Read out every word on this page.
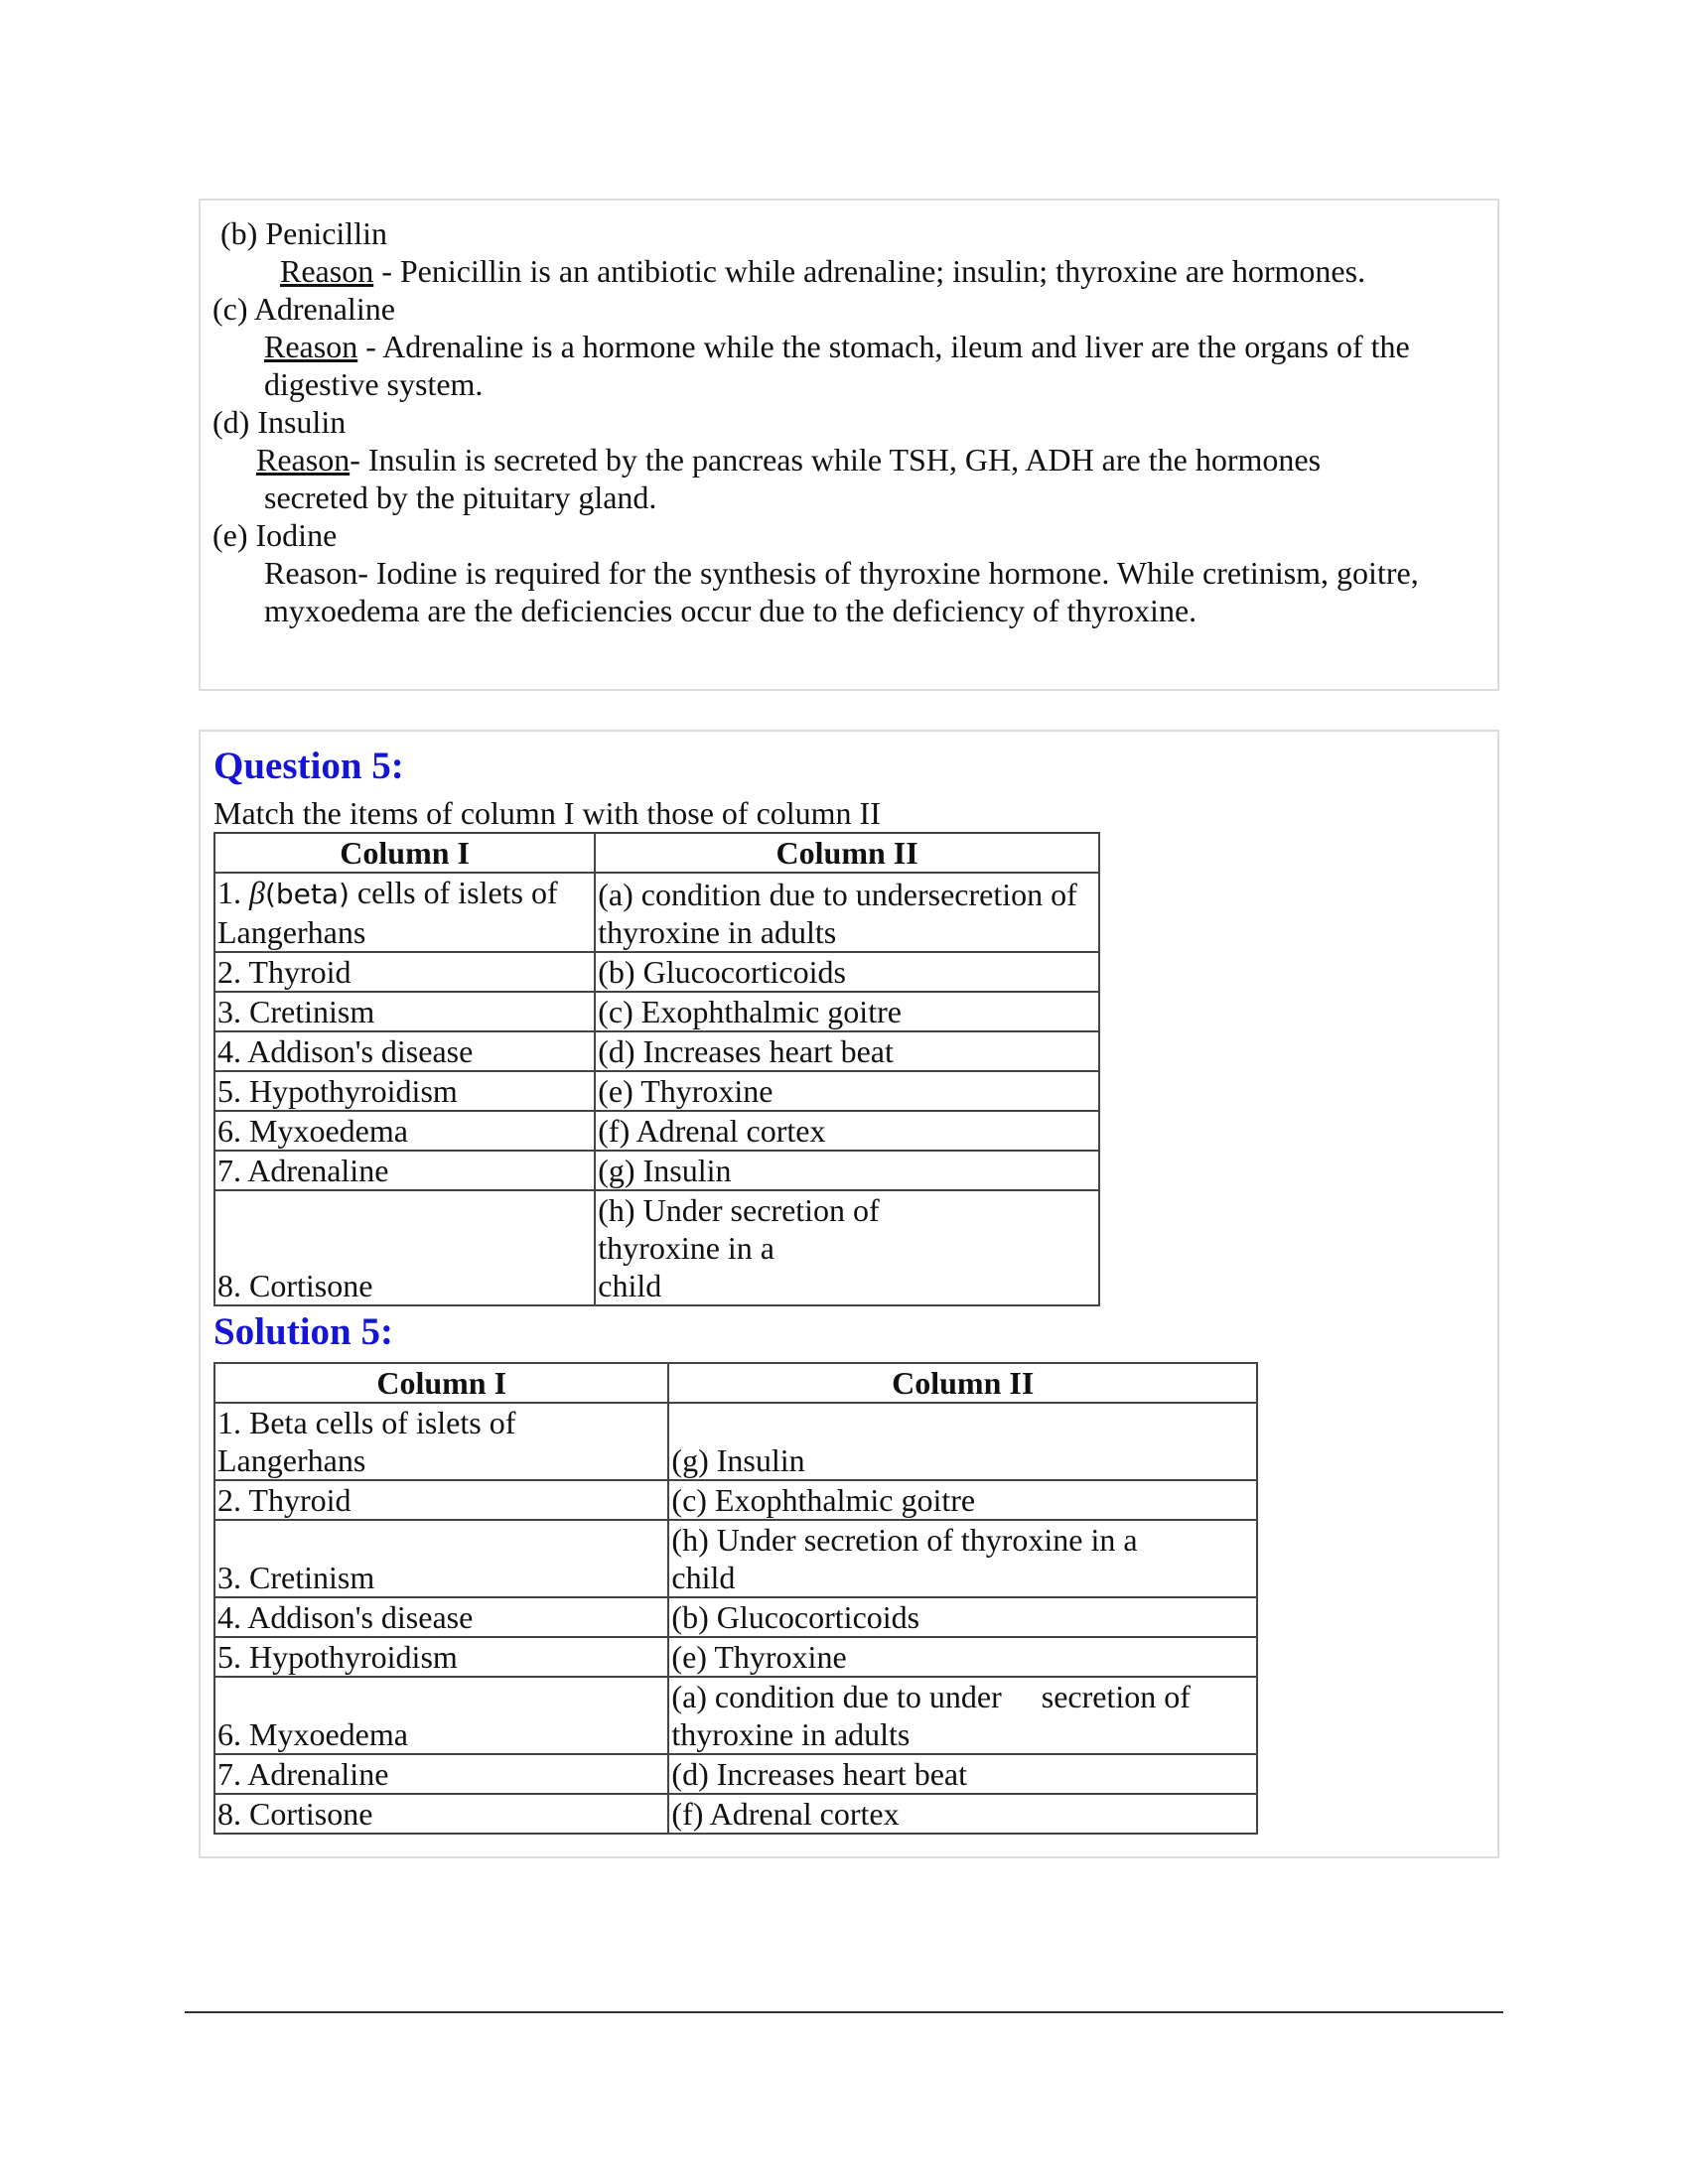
(b) Penicillin
Reason - Penicillin is an antibiotic while adrenaline; insulin; thyroxine are hormones.
(c) Adrenaline
Reason - Adrenaline is a hormone while the stomach, ileum and liver are the organs of the
digestive system.
(d) Insulin
Reason- Insulin is secreted by the pancreas while TSH, GH, ADH are the hormones
secreted by the pituitary gland.
(e) Iodine
Reason- Iodine is required for the synthesis of thyroxine hormone. While cretinism, goitre,
myxoedema are the deficiencies occur due to the deficiency of thyroxine.
Question 5:
Match the items of column I with those of column II
Column I	Column II
1. β(beta) cells of islets of
Langerhans	(a) condition due to undersecretion of
thyroxine in adults
2. Thyroid	(b) Glucocorticoids
3. Cretinism	(c) Exophthalmic goitre
4. Addison's disease	(d) Increases heart beat
5. Hypothyroidism	(e) Thyroxine
6. Myxoedema	(f) Adrenal cortex
7. Adrenaline	(g) Insulin
8. Cortisone	(h) Under secretion of
thyroxine in a
child
Solution 5:
Column I	Column II
1. Beta cells of islets of
Langerhans	(g) Insulin
2. Thyroid	(c) Exophthalmic goitre
3. Cretinism	(h) Under secretion of thyroxine in a
child
4. Addison's disease	(b) Glucocorticoids
5. Hypothyroidism	(e) Thyroxine
6. Myxoedema	(a) condition due to under     secretion of
thyroxine in adults
7. Adrenaline	(d) Increases heart beat
8. Cortisone	(f) Adrenal cortex
